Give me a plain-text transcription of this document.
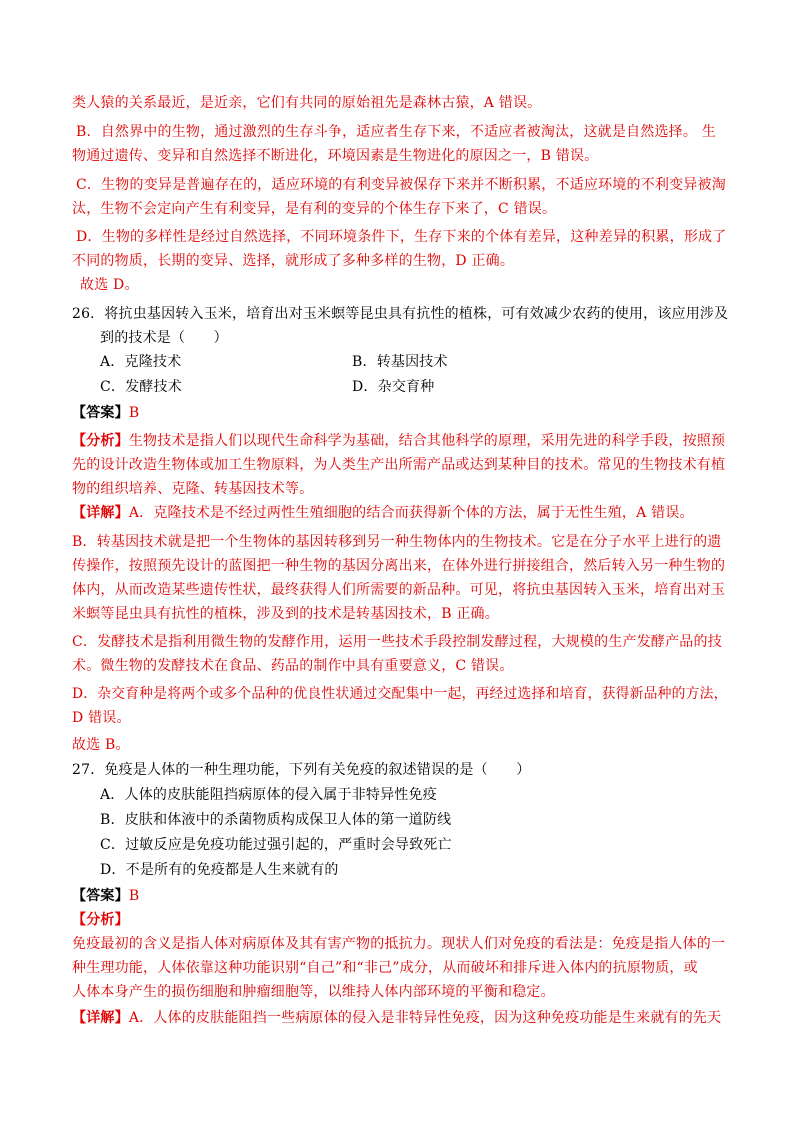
类人猿的关系最近，是近亲，它们有共同的原始祖先是森林古猿，A 错误。
B．自然界中的生物，通过激烈的生存斗争，适应者生存下来，不适应者被淘汰，这就是自然选择。 生
物通过遗传、变异和自然选择不断进化，环境因素是生物进化的原因之一，B 错误。
C．生物的变异是普遍存在的，适应环境的有利变异被保存下来并不断积累，不适应环境的不利变异被淘
汰，生物不会定向产生有利变异，是有利的变异的个体生存下来了，C 错误。
D．生物的多样性是经过自然选择，不同环境条件下，生存下来的个体有差异，这种差异的积累，形成了
不同的物质，长期的变异、选择，就形成了多种多样的生物，D 正确。
故选 D。
26．将抗虫基因转入玉米，培育出对玉米螟等昆虫具有抗性的植株，可有效减少农药的使用，该应用涉及
到的技术是（　　）
A．克隆技术	B．转基因技术
C．发酵技术	D．杂交育种
【答案】B
【分析】生物技术是指人们以现代生命科学为基础，结合其他科学的原理，采用先进的科学手段，按照预
先的设计改造生物体或加工生物原料，为人类生产出所需产品或达到某种目的技术。常见的生物技术有植
物的组织培养、克隆、转基因技术等。
【详解】A．克隆技术是不经过两性生殖细胞的结合而获得新个体的方法，属于无性生殖，A 错误。
B．转基因技术就是把一个生物体的基因转移到另一种生物体内的生物技术。它是在分子水平上进行的遗
传操作，按照预先设计的蓝图把一种生物的基因分离出来，在体外进行拼接组合，然后转入另一种生物的
体内，从而改造某些遗传性状，最终获得人们所需要的新品种。可见，将抗虫基因转入玉米，培育出对玉
米螟等昆虫具有抗性的植株，涉及到的技术是转基因技术，B 正确。
C．发酵技术是指利用微生物的发酵作用，运用一些技术手段控制发酵过程，大规模的生产发酵产品的技
术。微生物的发酵技术在食品、药品的制作中具有重要意义，C 错误。
D．杂交育种是将两个或多个品种的优良性状通过交配集中一起，再经过选择和培育，获得新品种的方法，
D 错误。
故选 B。
27．免疫是人体的一种生理功能，下列有关免疫的叙述错误的是（　　）
A．人体的皮肤能阻挡病原体的侵入属于非特异性免疫
B．皮肤和体液中的杀菌物质构成保卫人体的第一道防线
C．过敏反应是免疫功能过强引起的，严重时会导致死亡
D．不是所有的免疫都是人生来就有的
【答案】B
【分析】
免疫最初的含义是指人体对病原体及其有害产物的抵抗力。现状人们对免疫的看法是：免疫是指人体的一
种生理功能，人体依靠这种功能识别“自己”和“非己”成分，从而破坏和排斥进入体内的抗原物质，或
人体本身产生的损伤细胞和肿瘤细胞等，以维持人体内部环境的平衡和稳定。
【详解】A．人体的皮肤能阻挡一些病原体的侵入是非特异性免疫，因为这种免疫功能是生来就有的先天
